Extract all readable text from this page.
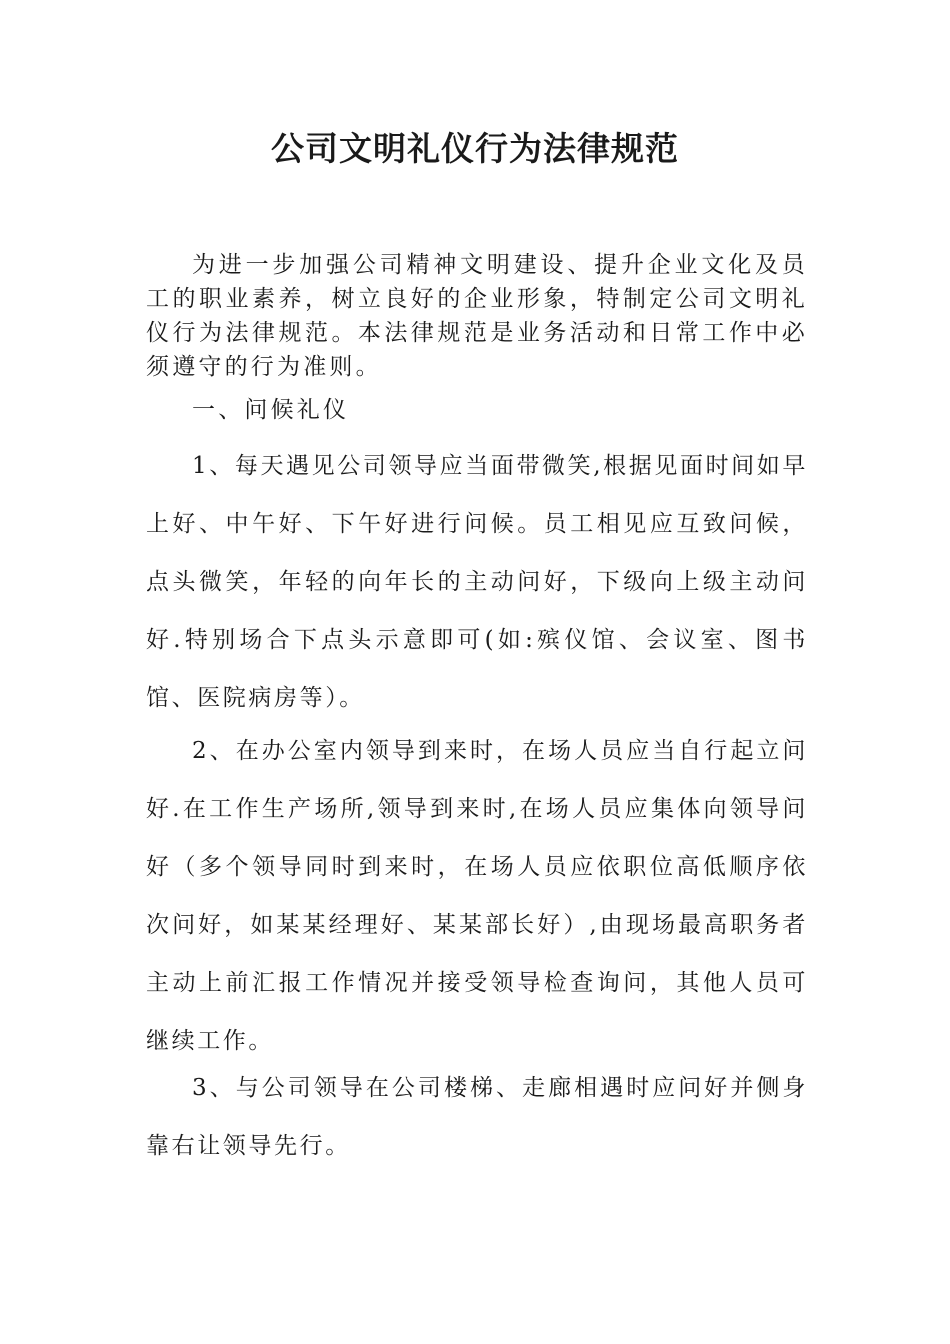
公司文明礼仪行为法律规范

为进一步加强公司精神文明建设、提升企业文化及员工的职业素养，树立良好的企业形象，特制定公司文明礼仪行为法律规范。本法律规范是业务活动和日常工作中必须遵守的行为准则。

一、问候礼仪

1、每天遇见公司领导应当面带微笑,根据见面时间如早上好、中午好、下午好进行问候。员工相见应互致问候，点头微笑，年轻的向年长的主动问好，下级向上级主动问好.特别场合下点头示意即可(如:殡仪馆、会议室、图书馆、医院病房等）。

2、在办公室内领导到来时，在场人员应当自行起立问好.在工作生产场所,领导到来时,在场人员应集体向领导问好（多个领导同时到来时，在场人员应依职位高低顺序依次问好，如某某经理好、某某部长好）,由现场最高职务者主动上前汇报工作情况并接受领导检查询问，其他人员可继续工作。

3、与公司领导在公司楼梯、走廊相遇时应问好并侧身靠右让领导先行。
